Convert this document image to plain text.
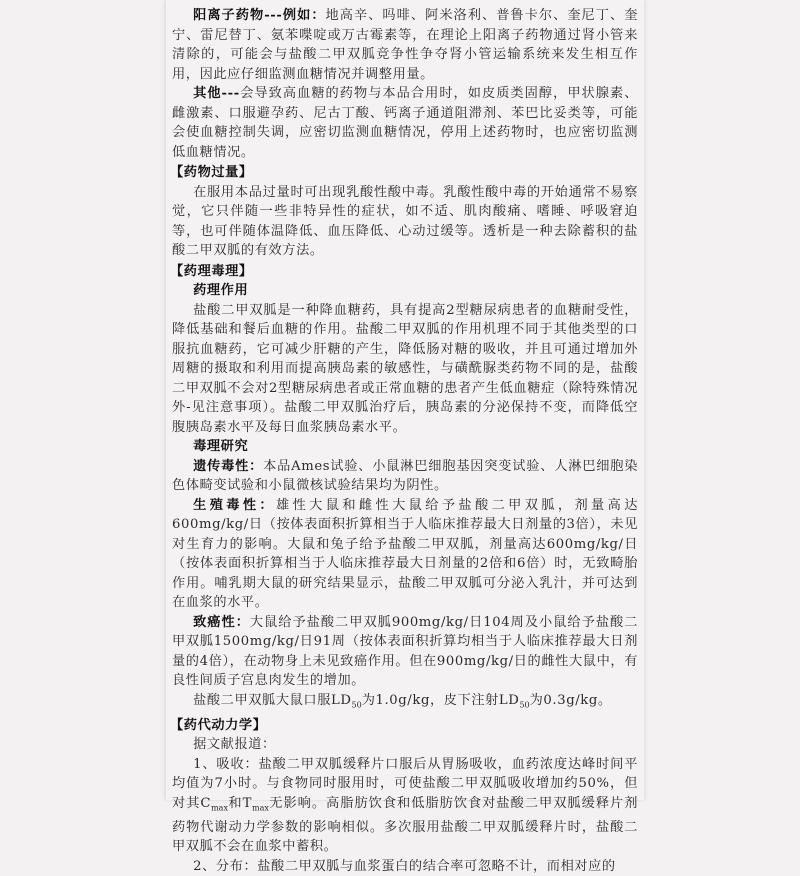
阳离子药物---例如：地高辛、吗啡、阿米洛利、普鲁卡尔、奎尼丁、奎宁、雷尼替丁、氨苯喋啶或万古霉素等，在理论上阳离子药物通过肾小管来清除的，可能会与盐酸二甲双胍竞争性争夺肾小管运输系统来发生相互作用，因此应仔细监测血糖情况并调整用量。

其他---会导致高血糖的药物与本品合用时，如皮质类固醇，甲状腺素、雌激素、口服避孕药、尼古丁酸、钙离子通道阻滞剂、苯巴比妥类等，可能会使血糖控制失调，应密切监测血糖情况，停用上述药物时，也应密切监测低血糖情况。

【药物过量】

在服用本品过量时可出现乳酸性酸中毒。乳酸性酸中毒的开始通常不易察觉，它只伴随一些非特异性的症状，如不适、肌肉酸痛、嗜睡、呼吸窘迫等，也可伴随体温降低、血压降低、心动过缓等。透析是一种去除蓄积的盐酸二甲双胍的有效方法。

【药理毒理】
药理作用

盐酸二甲双胍是一种降血糖药，具有提高2型糖尿病患者的血糖耐受性，降低基础和餐后血糖的作用。盐酸二甲双胍的作用机理不同于其他类型的口服抗血糖药，它可减少肝糖的产生，降低肠对糖的吸收，并且可通过增加外周糖的摄取和利用而提高胰岛素的敏感性，与磺酰脲类药物不同的是，盐酸二甲双胍不会对2型糖尿病患者或正常血糖的患者产生低血糖症（除特殊情况外-见注意事项）。盐酸二甲双胍治疗后，胰岛素的分泌保持不变，而降低空腹胰岛素水平及每日血浆胰岛素水平。

毒理研究

遗传毒性：本品Ames试验、小鼠淋巴细胞基因突变试验、人淋巴细胞染色体畸变试验和小鼠微核试验结果均为阴性。

生殖毒性：雄性大鼠和雌性大鼠给予盐酸二甲双胍，剂量高达600mg/kg/日（按体表面积折算相当于人临床推荐最大日剂量的3倍），未见对生育力的影响。大鼠和兔子给予盐酸二甲双胍，剂量高达600mg/kg/日（按体表面积折算相当于人临床推荐最大日剂量的2倍和6倍）时，无致畸胎作用。哺乳期大鼠的研究结果显示，盐酸二甲双胍可分泌入乳汁，并可达到在血浆的水平。

致癌性：大鼠给予盐酸二甲双胍900mg/kg/日104周及小鼠给予盐酸二甲双胍1500mg/kg/日91周（按体表面积折算均相当于人临床推荐最大日剂量的4倍），在动物身上未见致癌作用。但在900mg/kg/日的雌性大鼠中，有良性间质子宫息肉发生的增加。

盐酸二甲双胍大鼠口服$LD_{50}$为1.0g/kg，皮下注射$LD_{50}$为0.3g/kg。

【药代动力学】

据文献报道：

1、吸收：盐酸二甲双胍缓释片口服后从胃肠吸收，血药浓度达峰时间平均值为7小时。与食物同时服用时，可使盐酸二甲双胍吸收增加约50%，但对其$C_{max}$和$T_{max}$无影响。高脂肪饮食和低脂肪饮食对盐酸二甲双胍缓释片剂药物代谢动力学参数的影响相似。多次服用盐酸二甲双胍缓释片时，盐酸二甲双胍不会在血浆中蓄积。

2、分布：盐酸二甲双胍与血浆蛋白的结合率可忽略不计，而相对应的
